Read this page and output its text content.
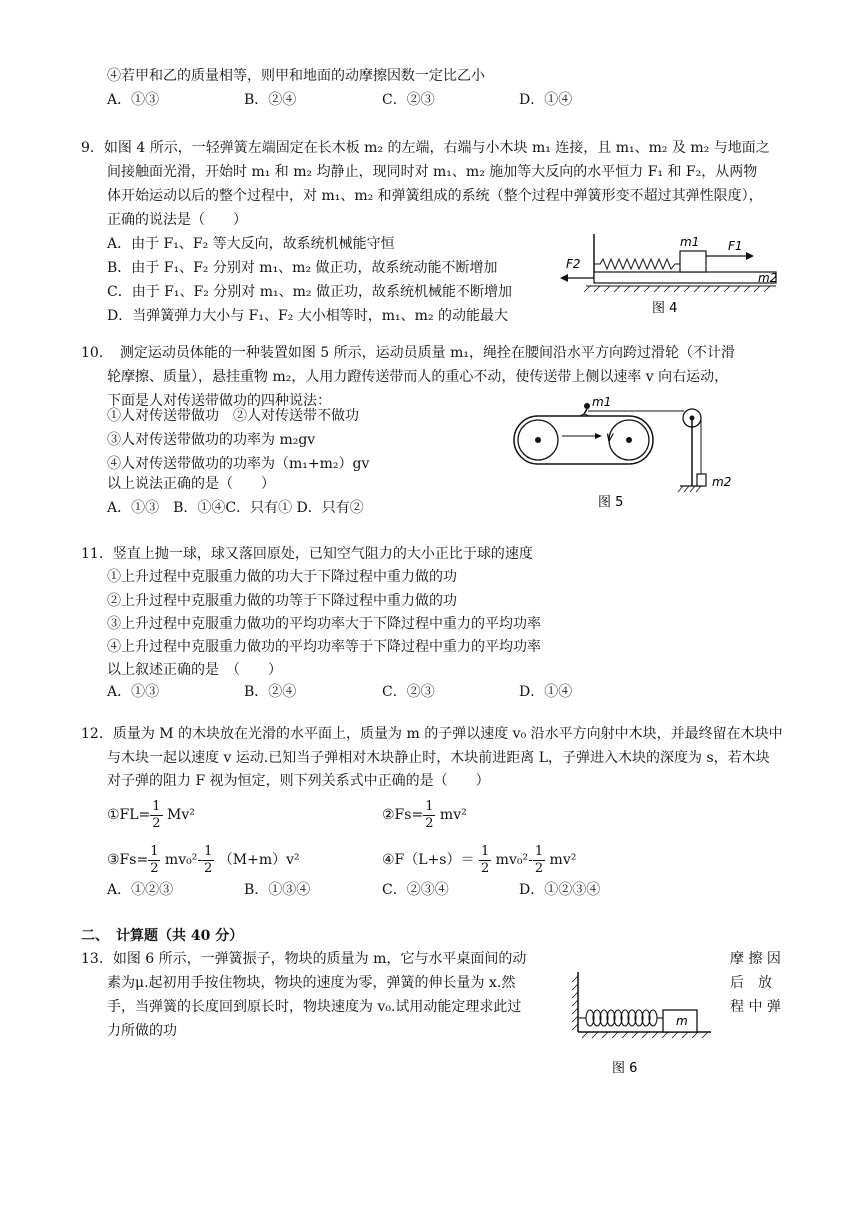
④若甲和乙的质量相等，则甲和地面的动摩擦因数一定比乙小
A．①③	B．②④	C．②③	D．①④
9．如图 4 所示，一轻弹簧左端固定在长木板 m₂ 的左端，右端与小木块 m₁ 连接，且 m₁、m₂ 及 m₂ 与地面之
间接触面光滑，开始时 m₁ 和 m₂ 均静止，现同时对 m₁、m₂ 施加等大反向的水平恒力 F₁ 和 F₂，从两物
体开始运动以后的整个过程中，对 m₁、m₂ 和弹簧组成的系统（整个过程中弹簧形变不超过其弹性限度），
正确的说法是（　　）
A．由于 F₁、F₂ 等大反向，故系统机械能守恒
B．由于 F₁、F₂ 分别对 m₁、m₂ 做正功，故系统动能不断增加
C．由于 F₁、F₂ 分别对 m₁、m₂ 做正功，故系统机械能不断增加
D．当弹簧弹力大小与 F₁、F₂ 大小相等时，m₁、m₂ 的动能最大
m1 F1
F2
m2
图 4
10．　测定运动员体能的一种装置如图 5 所示，运动员质量 m₁，绳拴在腰间沿水平方向跨过滑轮（不计滑
轮摩擦、质量），悬挂重物 m₂，人用力蹬传送带而人的重心不动，使传送带上侧以速率 v 向右运动，
下面是人对传送带做功的四种说法：
①人对传送带做功　②人对传送带不做功
③人对传送带做功的功率为 m₂gv
④人对传送带做功的功率为（m₁+m₂）gv
以上说法正确的是（　　）
A．①③　B．①④C．只有① D．只有②
v
m1
m2
图 5
11．竖直上抛一球，球又落回原处，已知空气阻力的大小正比于球的速度
①上升过程中克服重力做的功大于下降过程中重力做的功
②上升过程中克服重力做的功等于下降过程中重力做的功
③上升过程中克服重力做功的平均功率大于下降过程中重力的平均功率
④上升过程中克服重力做功的平均功率等于下降过程中重力的平均功率
以上叙述正确的是　（　　）
A．①③	B．②④	C．②③	D．①④
12．质量为 M 的木块放在光滑的水平面上，质量为 m 的子弹以速度 v₀ 沿水平方向射中木块，并最终留在木块中
与木块一起以速度 v 运动.已知当子弹相对木块静止时，木块前进距离 L，子弹进入木块的深度为 s，若木块
对子弹的阻力 F 视为恒定，则下列关系式中正确的是（　　）
①FL= $\frac{1}{2} Mv^2$	②Fs= $\frac{1}{2} mv^2$
③Fs= $\frac{1}{2} mv_0^2- \frac{1}{2} (M+m)v^2$	④F（L+s）＝ $\frac{1}{2} mv_0^2- \frac{1}{2} mv^2$
A．①②③	B．①③④	C．②③④	D．①②③④
二、　计算题（共 40 分）
13．如图 6 所示，一弹簧振子，物块的质量为 m，它与水平桌面间的动
素为μ.起初用手按住物块，物块的速度为零，弹簧的伸长量为 x.然
手，当弹簧的长度回到原长时，物块速度为 v₀.试用动能定理求此过
力所做的功
摩 擦 因
后　放
程 中 弹
m
图 6
